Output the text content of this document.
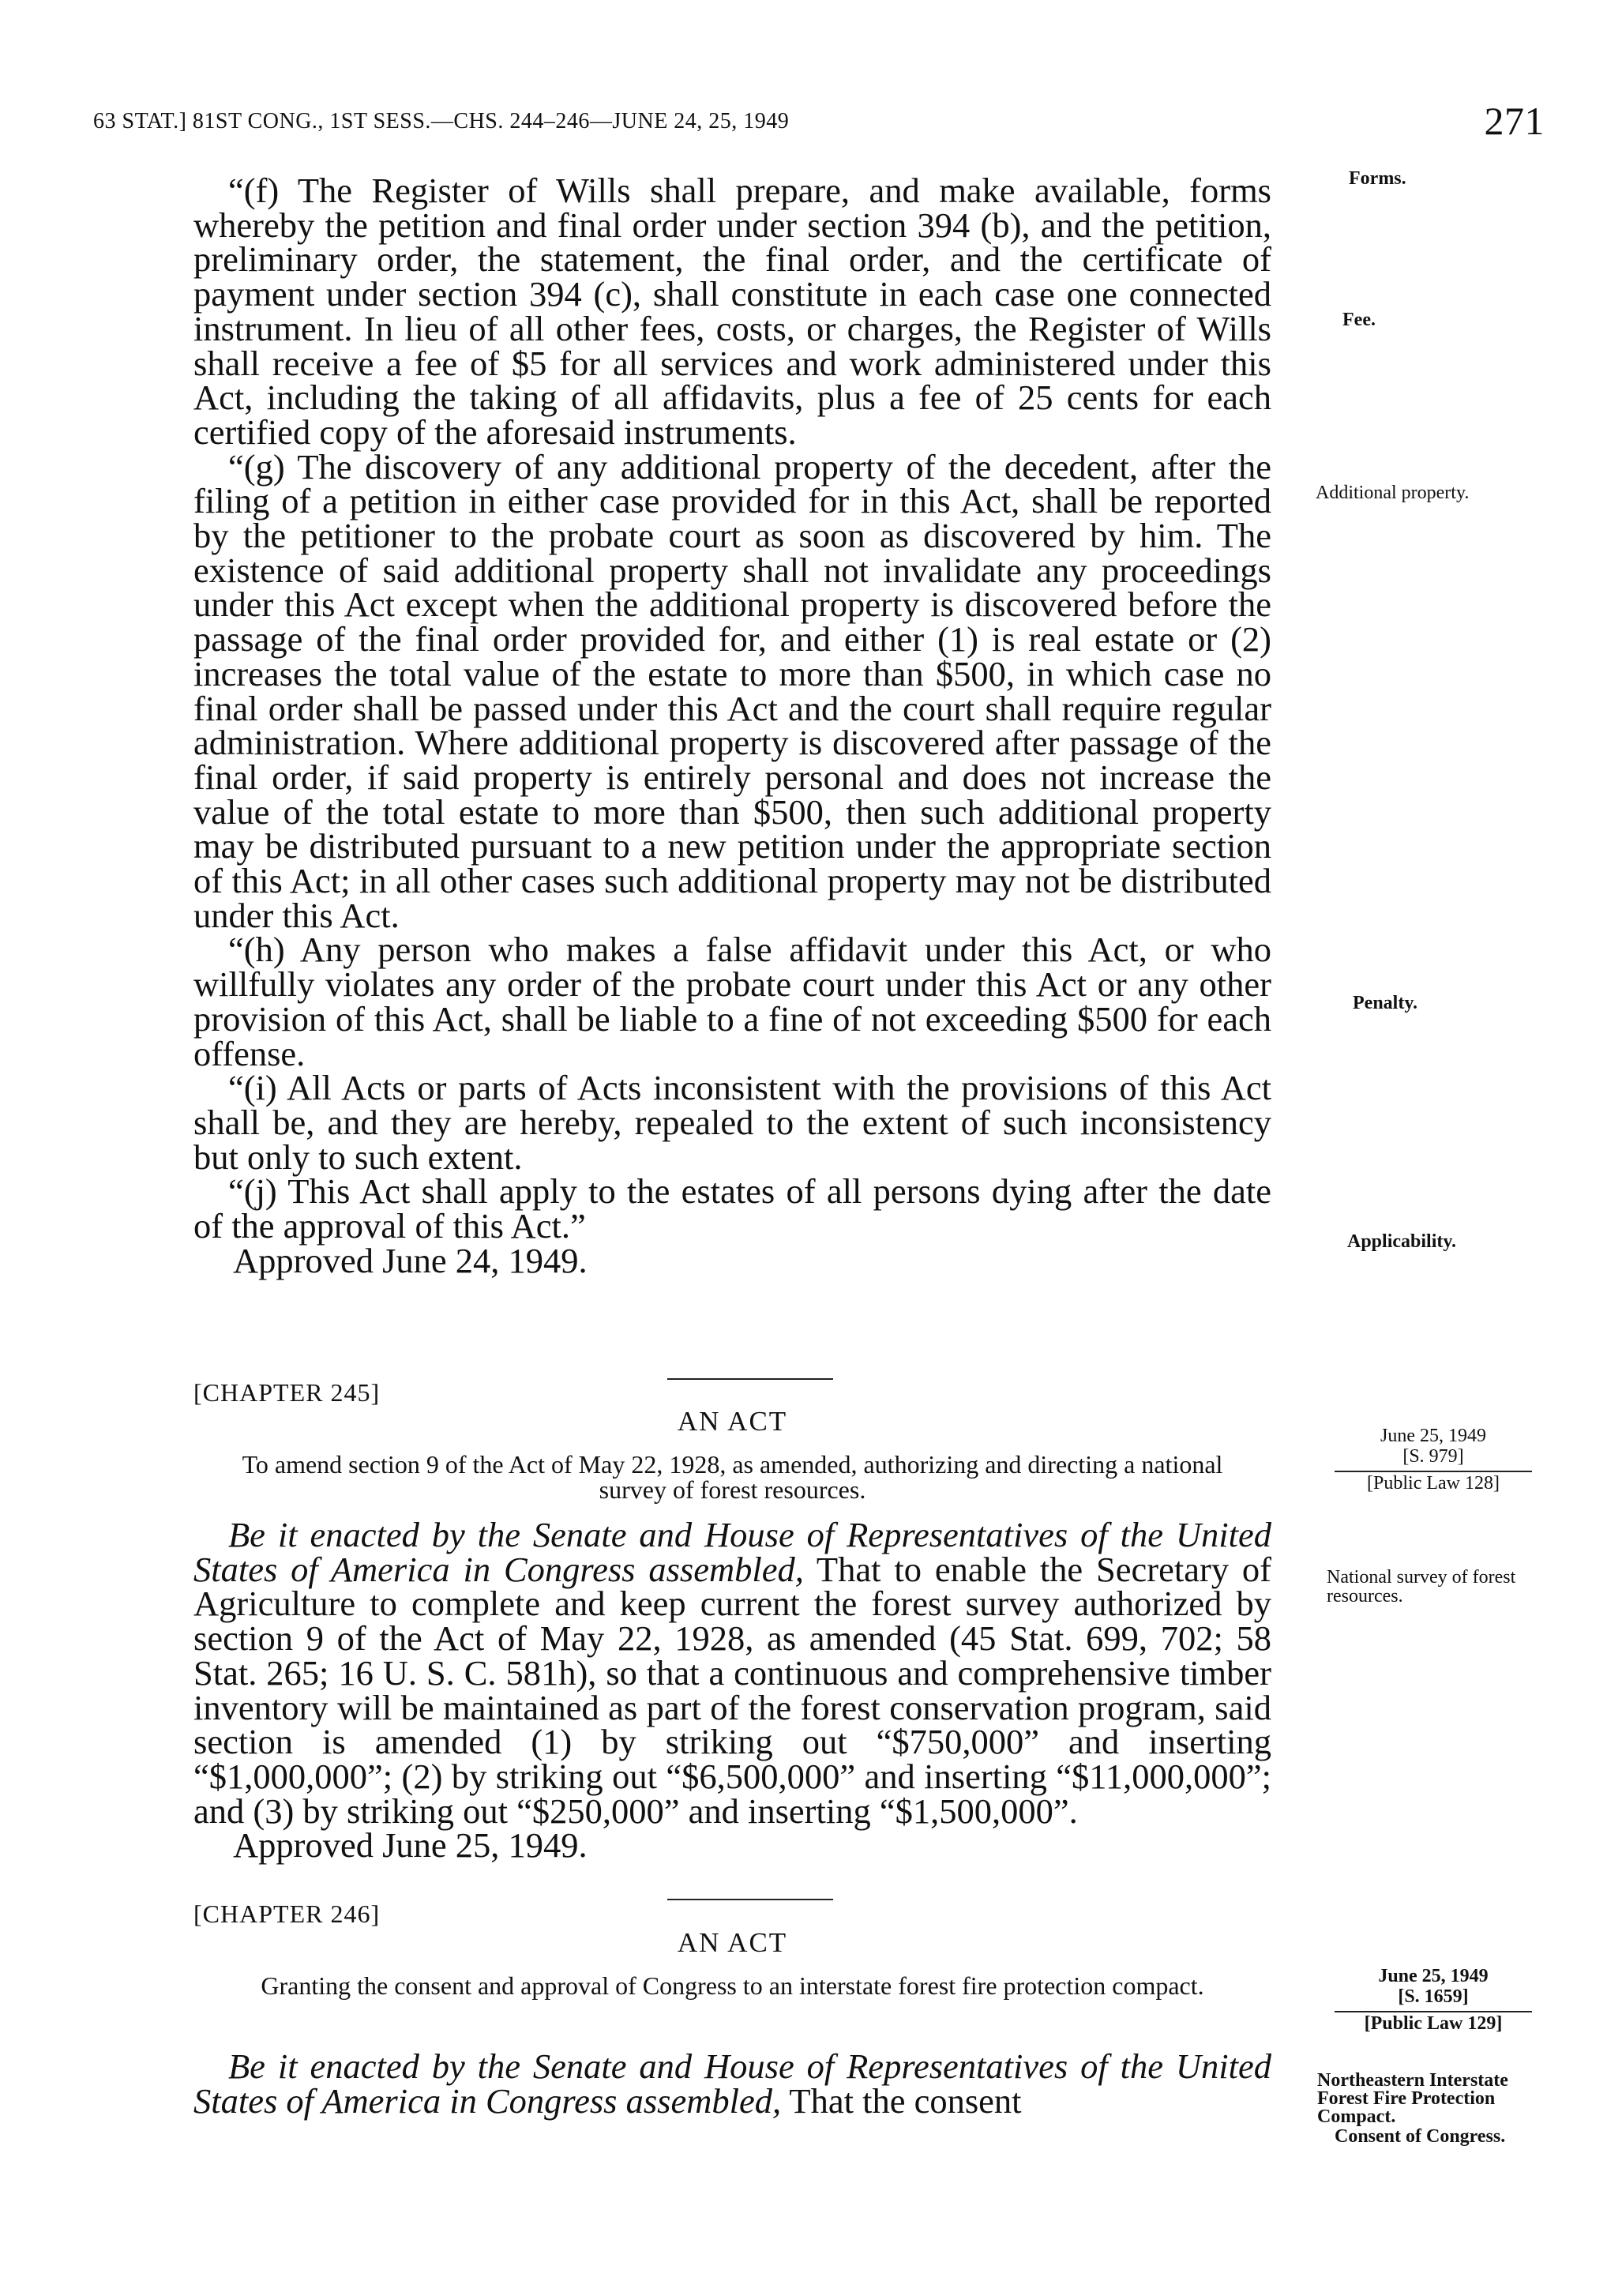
63 STAT.] 81ST CONG., 1ST SESS.—CHS. 244–246—JUNE 24, 25, 1949	271

“(f) The Register of Wills shall prepare, and make available, forms whereby the petition and final order under section 394 (b), and the petition, preliminary order, the statement, the final order, and the certificate of payment under section 394 (c), shall constitute in each case one connected instrument. In lieu of all other fees, costs, or charges, the Register of Wills shall receive a fee of $5 for all services and work administered under this Act, including the taking of all affidavits, plus a fee of 25 cents for each certified copy of the aforesaid instruments.

“(g) The discovery of any additional property of the decedent, after the filing of a petition in either case provided for in this Act, shall be reported by the petitioner to the probate court as soon as discovered by him. The existence of said additional property shall not invalidate any proceedings under this Act except when the additional property is discovered before the passage of the final order provided for, and either (1) is real estate or (2) increases the total value of the estate to more than $500, in which case no final order shall be passed under this Act and the court shall require regular administration. Where additional property is discovered after passage of the final order, if said property is entirely personal and does not increase the value of the total estate to more than $500, then such additional property may be distributed pursuant to a new petition under the appropriate section of this Act; in all other cases such additional property may not be distributed under this Act.

“(h) Any person who makes a false affidavit under this Act, or who willfully violates any order of the probate court under this Act or any other provision of this Act, shall be liable to a fine of not exceeding $500 for each offense.

“(i) All Acts or parts of Acts inconsistent with the provisions of this Act shall be, and they are hereby, repealed to the extent of such inconsistency but only to such extent.

“(j) This Act shall apply to the estates of all persons dying after the date of the approval of this Act.”

Approved June 24, 1949.

[CHAPTER 245]
AN ACT
To amend section 9 of the Act of May 22, 1928, as amended, authorizing and directing a national survey of forest resources.

Be it enacted by the Senate and House of Representatives of the United States of America in Congress assembled, That to enable the Secretary of Agriculture to complete and keep current the forest survey authorized by section 9 of the Act of May 22, 1928, as amended (45 Stat. 699, 702; 58 Stat. 265; 16 U. S. C. 581h), so that a continuous and comprehensive timber inventory will be maintained as part of the forest conservation program, said section is amended (1) by striking out “$750,000” and inserting “$1,000,000”; (2) by striking out “$6,500,000” and inserting “$11,000,000”; and (3) by striking out “$250,000” and inserting “$1,500,000”.

Approved June 25, 1949.

[CHAPTER 246]
AN ACT
Granting the consent and approval of Congress to an interstate forest fire protection compact.

Be it enacted by the Senate and House of Representatives of the United States of America in Congress assembled, That the consent

Forms.
Fee.
Additional property.
Penalty.
Applicability.
June 25, 1949
[S. 979]
[Public Law 128]
National survey of forest resources.
June 25, 1949
[S. 1659]
[Public Law 129]
Northeastern Interstate Forest Fire Protection Compact.
Consent of Congress.
